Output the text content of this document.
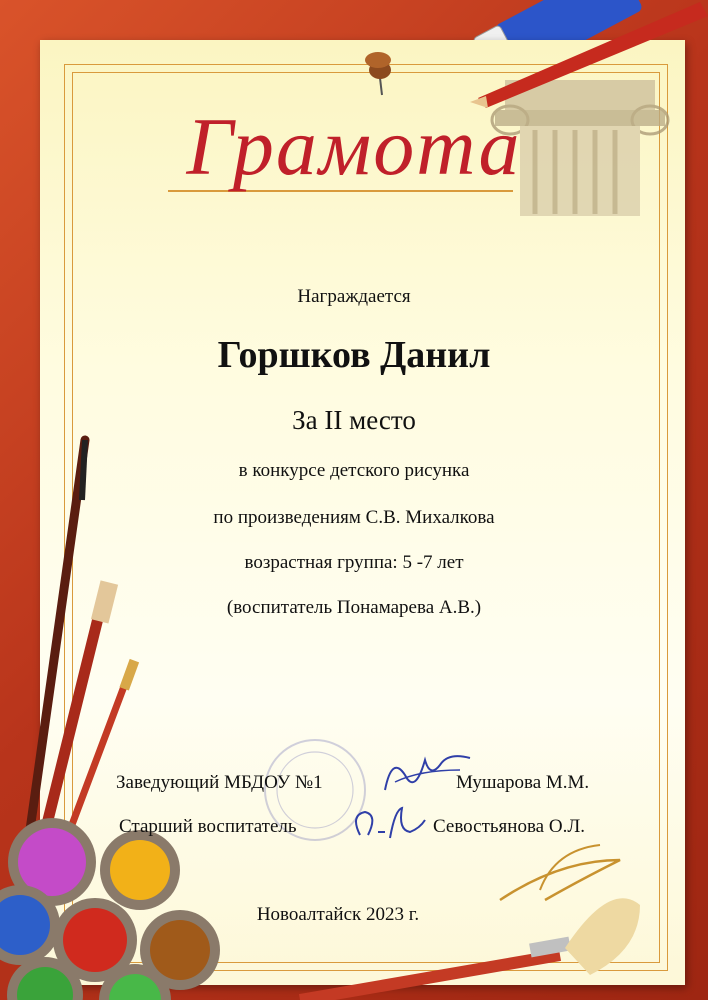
Грамота
Награждается
Горшков Данил
За II место
в конкурсе детского рисунка
по произведениям С.В. Михалкова
возрастная группа: 5 -7 лет
(воспитатель Понамарева А.В.)
Заведующий МБДОУ №1	Мушарова М.М.
Старший воспитатель	Севостьянова О.Л.
Новоалтайск 2023 г.
